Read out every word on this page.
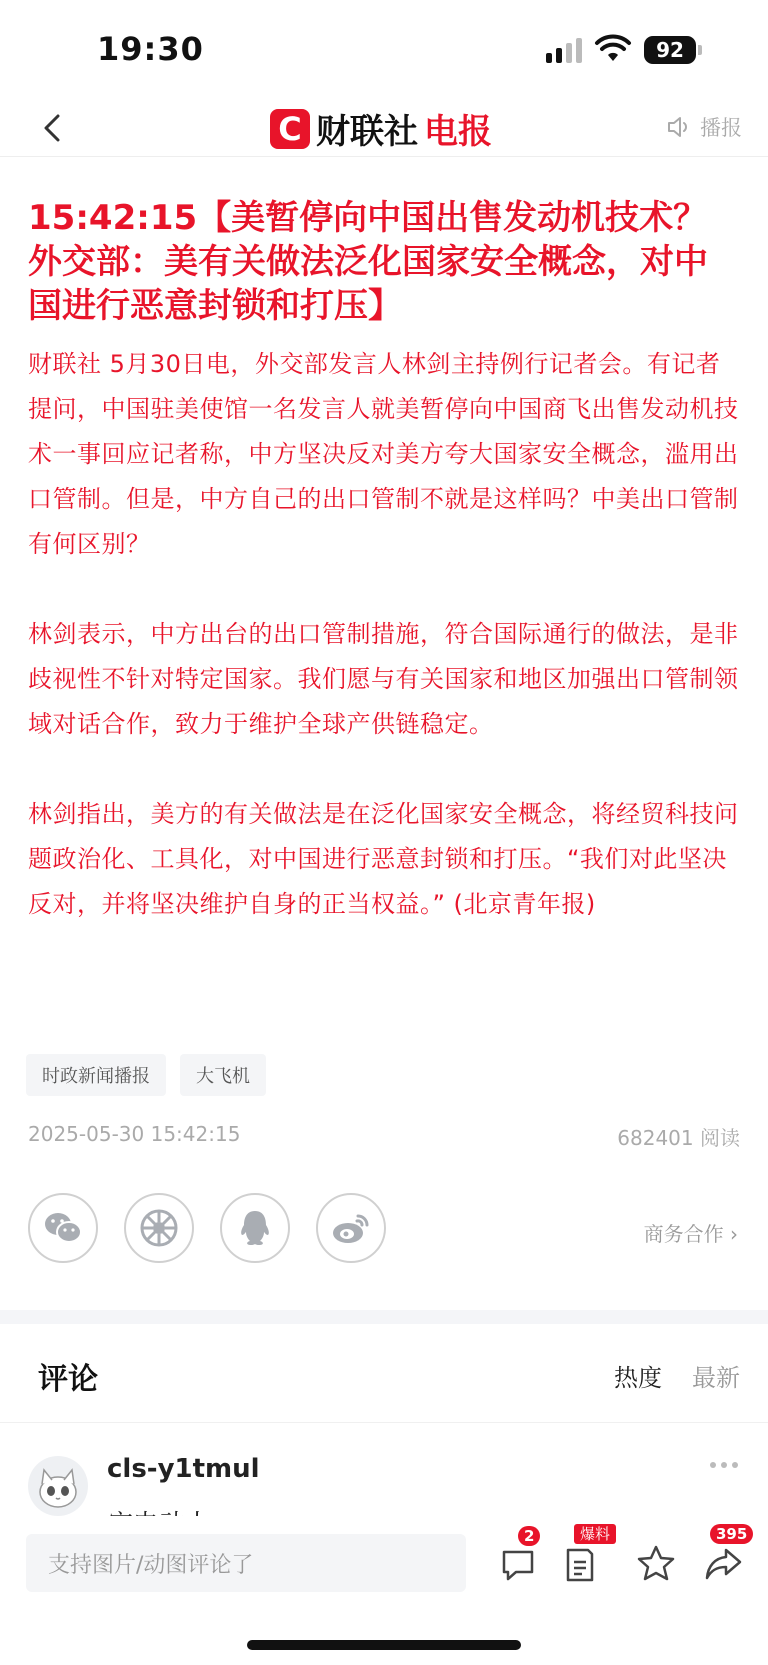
19:30	92
C 财联社 电报	播报
15:42:15【美暂停向中国出售发动机技术？外交部：美有关做法泛化国家安全概念，对中国进行恶意封锁和打压】

财联社 5月30日电，外交部发言人林剑主持例行记者会。有记者提问，中国驻美使馆一名发言人就美暂停向中国商飞出售发动机技术一事回应记者称，中方坚决反对美方夸大国家安全概念，滥用出口管制。但是，中方自己的出口管制不就是这样吗？中美出口管制有何区别？

林剑表示，中方出台的出口管制措施，符合国际通行的做法，是非歧视性不针对特定国家。我们愿与有关国家和地区加强出口管制领域对话合作，致力于维护全球产供链稳定。

林剑指出，美方的有关做法是在泛化国家安全概念，将经贸科技问题政治化、工具化，对中国进行恶意封锁和打压。“我们对此坚决反对，并将坚决维护自身的正当权益。” (北京青年报)

时政新闻播报	大飞机
2025-05-30 15:42:15	682401 阅读
商务合作 ›
评论	热度 最新
cls-y1tmul
支持图片/动图评论了
2	爆料	395
